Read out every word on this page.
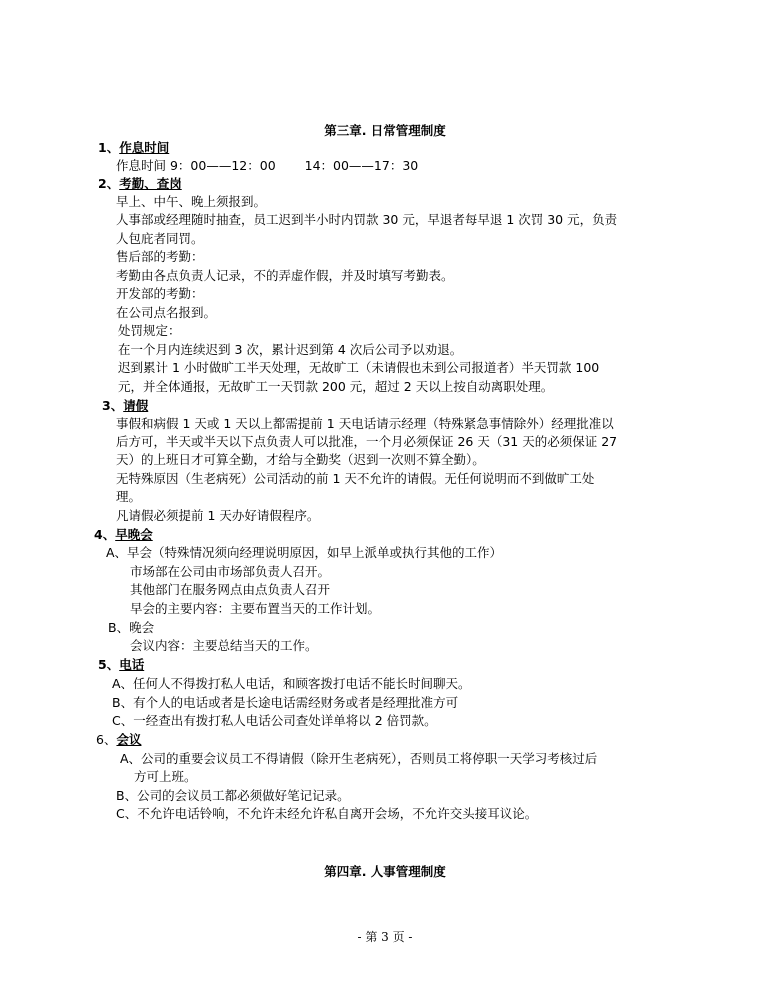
第三章. 日常管理制度
1、作息时间
作息时间 9：00——12：00　　 14：00——17：30
2、考勤、查岗
早上、中午、晚上须报到。
人事部或经理随时抽查，员工迟到半小时内罚款 30 元，早退者每早退 1 次罚 30 元，负责
人包庇者同罚。
售后部的考勤：
考勤由各点负责人记录，不的弄虚作假，并及时填写考勤表。
开发部的考勤：
在公司点名报到。
处罚规定：
在一个月内连续迟到 3 次，累计迟到第 4 次后公司予以劝退。
迟到累计 1 小时做旷工半天处理，无故旷工（未请假也未到公司报道者）半天罚款 100
元，并全体通报，无故旷工一天罚款 200 元，超过 2 天以上按自动离职处理。
3、请假
事假和病假 1 天或 1 天以上都需提前 1 天电话请示经理（特殊紧急事情除外）经理批准以
后方可，半天或半天以下点负责人可以批准，一个月必须保证 26 天（31 天的必须保证 27
天）的上班日才可算全勤，才给与全勤奖（迟到一次则不算全勤）。
无特殊原因（生老病死）公司活动的前 1 天不允许的请假。无任何说明而不到做旷工处
理。
凡请假必须提前 1 天办好请假程序。
4、早晚会
A、早会（特殊情况须向经理说明原因，如早上派单或执行其他的工作）
市场部在公司由市场部负责人召开。
其他部门在服务网点由点负责人召开
早会的主要内容：主要布置当天的工作计划。
B、晚会
会议内容：主要总结当天的工作。
5、电话
A、任何人不得拨打私人电话，和顾客拨打电话不能长时间聊天。
B、有个人的电话或者是长途电话需经财务或者是经理批准方可
C、一经查出有拨打私人电话公司查处详单将以 2 倍罚款。
6、会议
A、公司的重要会议员工不得请假（除开生老病死），否则员工将停职一天学习考核过后
方可上班。
B、公司的会议员工都必须做好笔记记录。
C、不允许电话铃响，不允许未经允许私自离开会场，不允许交头接耳议论。
第四章. 人事管理制度
- 第 3 页 -
